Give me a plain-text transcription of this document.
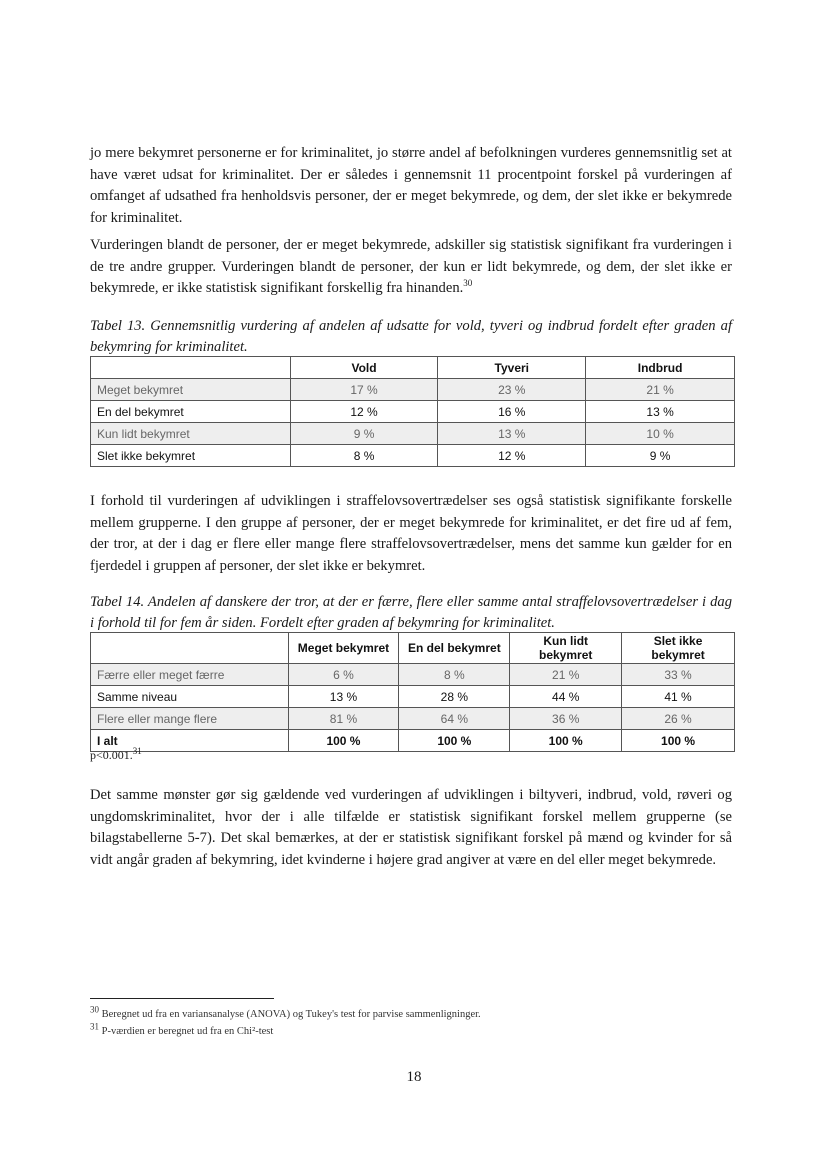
jo mere bekymret personerne er for kriminalitet, jo større andel af befolkningen vurderes gennemsnitlig set at have været udsat for kriminalitet. Der er således i gennemsnit 11 procentpoint forskel på vurderingen af omfanget af udsathed fra henholdsvis personer, der er meget bekymrede, og dem, der slet ikke er bekymrede for kriminalitet.

Vurderingen blandt de personer, der er meget bekymrede, adskiller sig statistisk signifikant fra vurderingen i de tre andre grupper. Vurderingen blandt de personer, der kun er lidt bekymrede, og dem, der slet ikke er bekymrede, er ikke statistisk signifikant forskellig fra hinanden.$^{30}$

Tabel 13. Gennemsnitlig vurdering af andelen af udsatte for vold, tyveri og indbrud fordelt efter graden af bekymring for kriminalitet.

	Vold	Tyveri	Indbrud
Meget bekymret	17 %	23 %	21 %
En del bekymret	12 %	16 %	13 %
Kun lidt bekymret	9 %	13 %	10 %
Slet ikke bekymret	8 %	12 %	9 %

I forhold til vurderingen af udviklingen i straffelovsovertrædelser ses også statistisk signifikante forskelle mellem grupperne. I den gruppe af personer, der er meget bekymrede for kriminalitet, er det fire ud af fem, der tror, at der i dag er flere eller mange flere straffelovsovertrædelser, mens det samme kun gælder for en fjerdedel i gruppen af personer, der slet ikke er bekymret.

Tabel 14. Andelen af danskere der tror, at der er færre, flere eller samme antal straffelovsovertrædelser i dag i forhold til for fem år siden. Fordelt efter graden af bekymring for kriminalitet.

	Meget bekymret	En del bekymret	Kun lidt bekymret	Slet ikke bekymret
Færre eller meget færre	6 %	8 %	21 %	33 %
Samme niveau	13 %	28 %	44 %	41 %
Flere eller mange flere	81 %	64 %	36 %	26 %
I alt	100 %	100 %	100 %	100 %
p<0.001.31

Det samme mønster gør sig gældende ved vurderingen af udviklingen i biltyveri, indbrud, vold, røveri og ungdomskriminalitet, hvor der i alle tilfælde er statistisk signifikant forskel mellem grupperne (se bilagstabellerne 5-7). Det skal bemærkes, at der er statistisk signifikant forskel på mænd og kvinder for så vidt angår graden af bekymring, idet kvinderne i højere grad angiver at være en del eller meget bekymrede.

$^{30}$ Beregnet ud fra en variansanalyse (ANOVA) og Tukey's test for parvise sammenligninger.
$^{31}$ P-værdien er beregnet ud fra en Chi²-test
18
